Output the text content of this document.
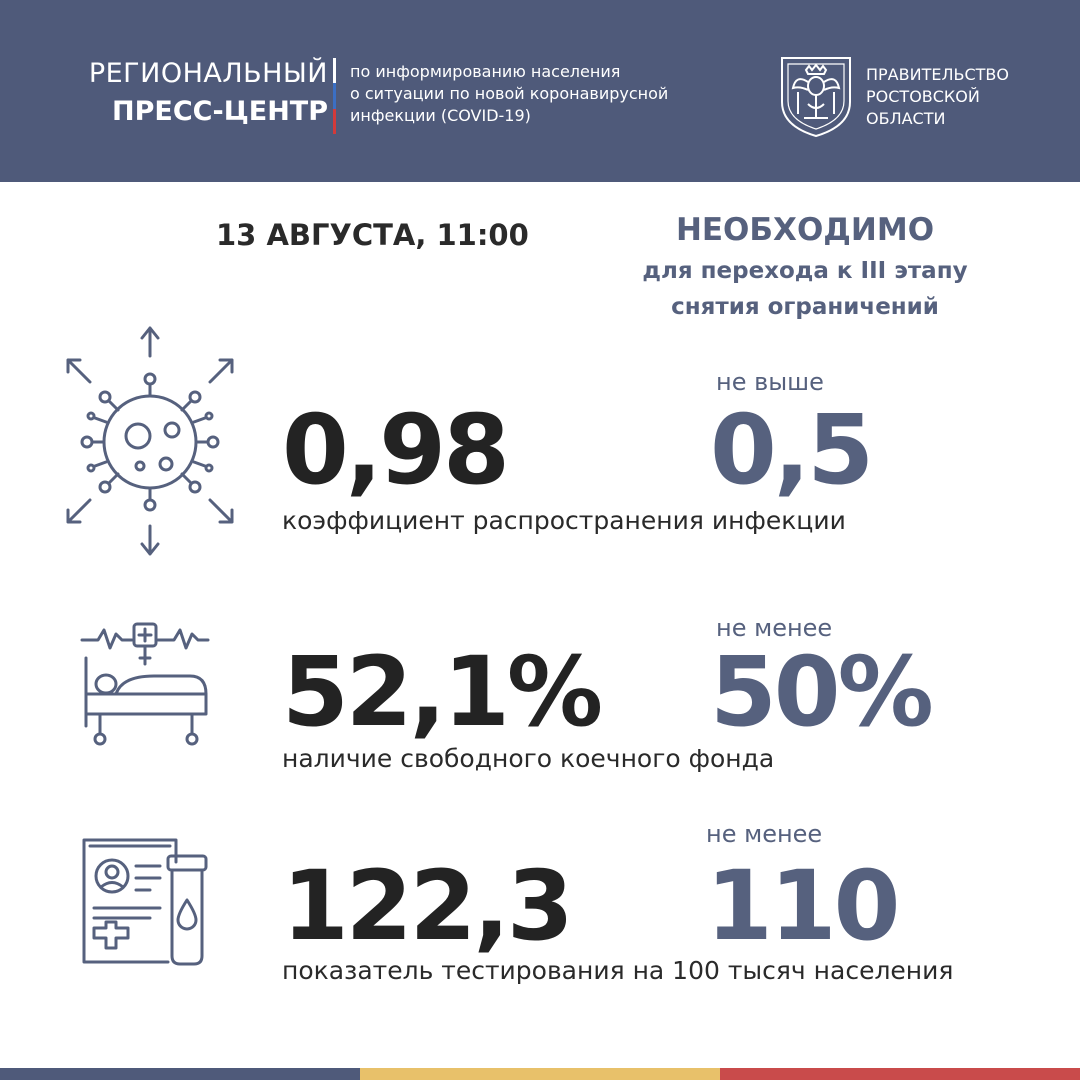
РЕГИОНАЛЬНЫЙ
ПРЕСС-ЦЕНТР
по информированию населения
о ситуации по новой коронавирусной
инфекции (COVID-19)
ПРАВИТЕЛЬСТВО
РОСТОВСКОЙ
ОБЛАСТИ
13 АВГУСТА, 11:00	НЕОБХОДИМО
для перехода к III этапу
снятия ограничений
0,98
не выше
0,5
коэффициент распространения инфекции
52,1%
не менее
50%
наличие свободного коечного фонда
122,3
не менее
110
показатель тестирования на 100 тысяч населения
